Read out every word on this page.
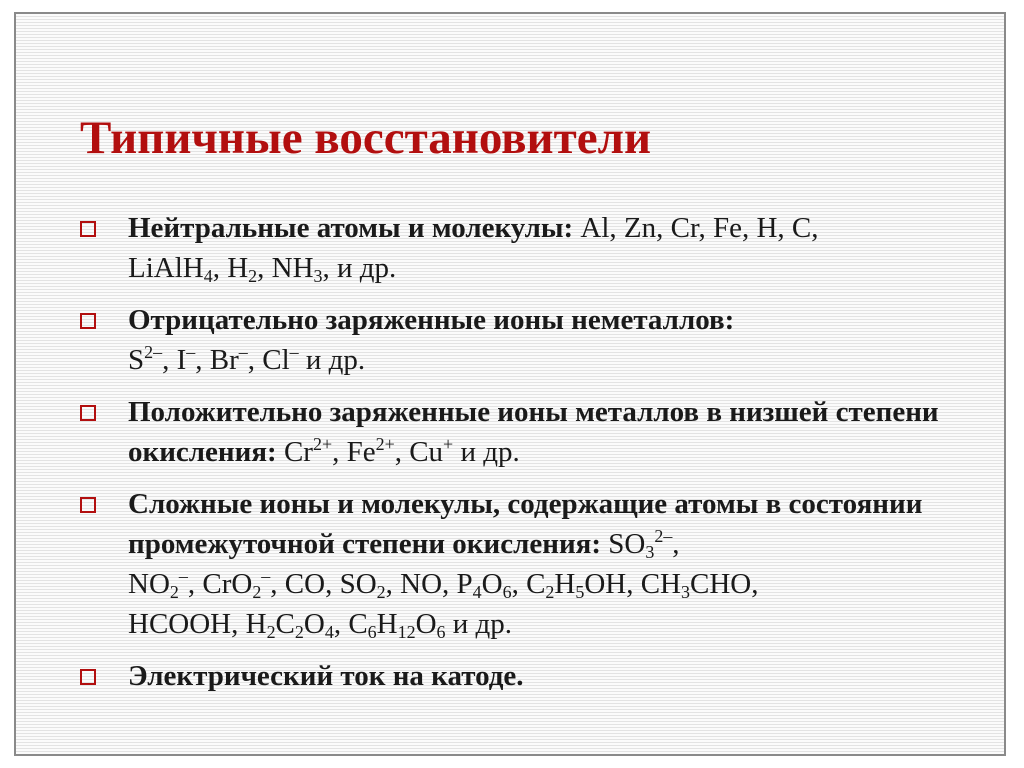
Типичные восстановители
Нейтральные атомы и молекулы: Al, Zn, Cr, Fe, H, C,
LiAlH$_4$, $H_2$, $NH_3$, и др.
Отрицательно заряженные ионы неметаллов:
$S^{2-}$, I–, Br–, Cl– и др.
Положительно заряженные ионы металлов в низшей степени окисления: $Cr^{2+}$, $Fe^{2+}$, Cu+ и др.
Сложные ионы и молекулы, содержащие атомы в состоянии промежуточной степени окисления: $SO_3^{2-}$,
$NO_2^-$, CrO$_2$–, CO, $SO_2$, NO, $P_4O_6$, $C_2H_5OH$, $CH_3CHO$,
HCOOH, $H_2C_2O_4$, $C_6H_{12}O_6$ и др.
Электрический ток на катоде.
